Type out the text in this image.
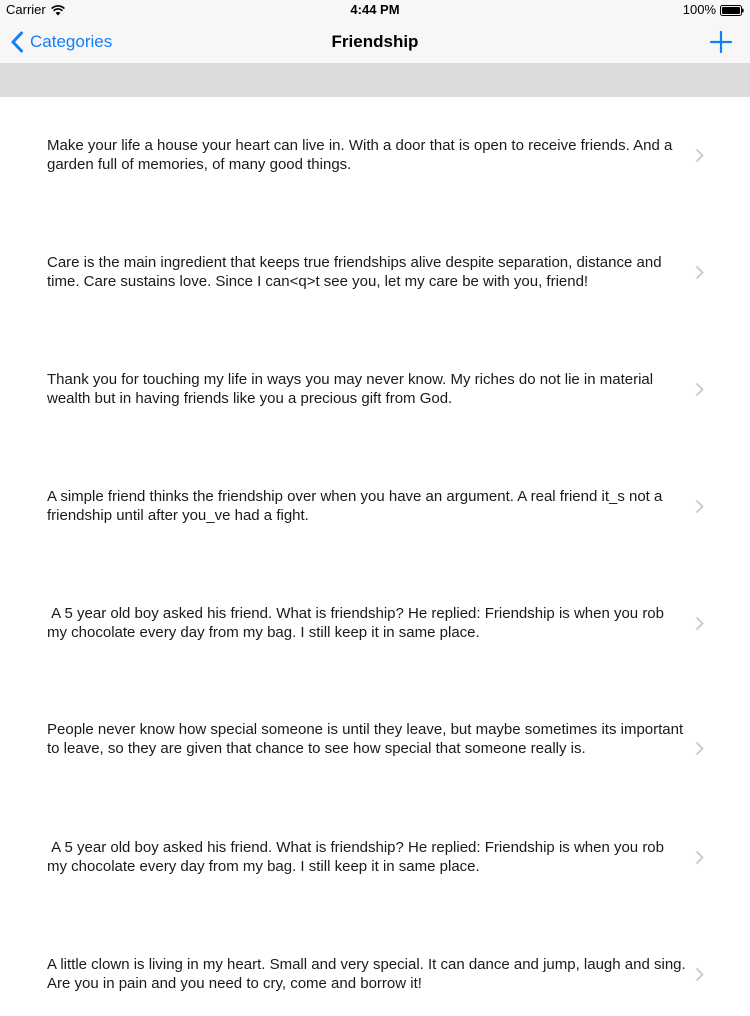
Carrier	4:44 PM	100%
Categories	Friendship
Make your life a house your heart can live in. With a door that is open to receive friends. And a garden full of memories, of many good things.
Care is the main ingredient that keeps true friendships alive despite separation, distance and time. Care sustains love. Since I can<q>t see you, let my care be with you, friend!
Thank you for touching my life in ways you may never know. My riches do not lie in material wealth but in having friends like you a precious gift from God.
A simple friend thinks the friendship over when you have an argument. A real friend it_s not a friendship until after you_ve had a fight.
A 5 year old boy asked his friend. What is friendship? He replied: Friendship is when you rob my chocolate every day from my bag. I still keep it in same place.
People never know how special someone is until they leave, but maybe sometimes its important to leave, so they are given that chance to see how special that someone really is.
A 5 year old boy asked his friend. What is friendship? He replied: Friendship is when you rob my chocolate every day from my bag. I still keep it in same place.
A little clown is living in my heart. Small and very special. It can dance and jump, laugh and sing. Are you in pain and you need to cry, come and borrow it!
